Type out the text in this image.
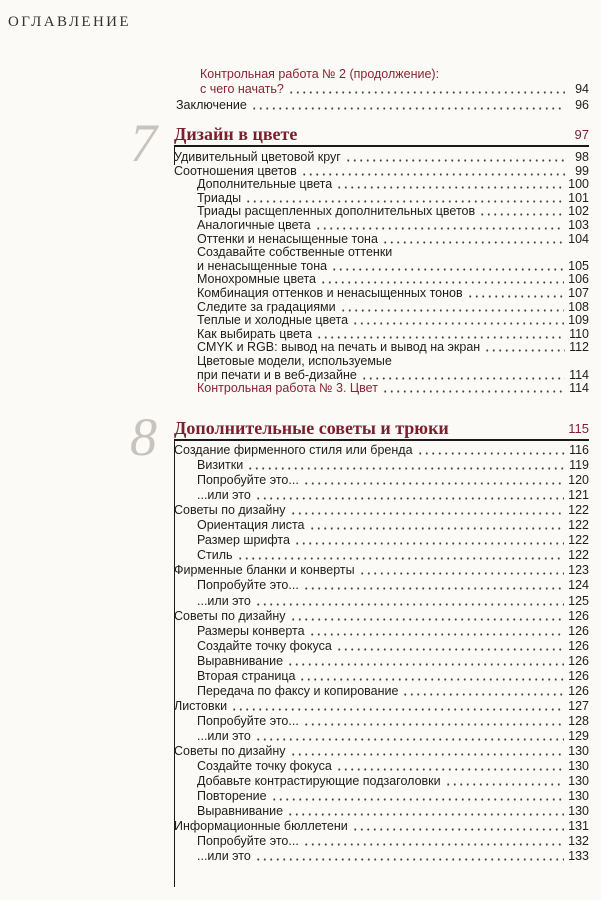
ОГЛАВЛЕНИЕ
Контрольная работа № 2 (продолжение):
с чего начать?	94
Заключение	96
7 Дизайн в цвете	97
Удивительный цветовой круг	98
Соотношения цветов	99
Дополнительные цвета	100
Триады	101
Триады расщепленных дополнительных цветов	102
Аналогичные цвета	103
Оттенки и ненасыщенные тона	104
Создавайте собственные оттенки
и ненасыщенные тона	105
Монохромные цвета	106
Комбинация оттенков и ненасыщенных тонов	107
Следите за градациями	108
Теплые и холодные цвета	109
Как выбирать цвета	110
CMYK и RGB: вывод на печать и вывод на экран	112
Цветовые модели, используемые
при печати и в веб-дизайне	114
Контрольная работа № 3. Цвет	114
8 Дополнительные советы и трюки	115
Создание фирменного стиля или бренда	116
Визитки	119
Попробуйте это...	120
...или это	121
Советы по дизайну	122
Ориентация листа	122
Размер шрифта	122
Стиль	122
Фирменные бланки и конверты	123
Попробуйте это...	124
...или это	125
Советы по дизайну	126
Размеры конверта	126
Создайте точку фокуса	126
Выравнивание	126
Вторая страница	126
Передача по факсу и копирование	126
Листовки	127
Попробуйте это...	128
...или это	129
Советы по дизайну	130
Создайте точку фокуса	130
Добавьте контрастирующие подзаголовки	130
Повторение	130
Выравнивание	130
Информационные бюллетени	131
Попробуйте это...	132
...или это	133
